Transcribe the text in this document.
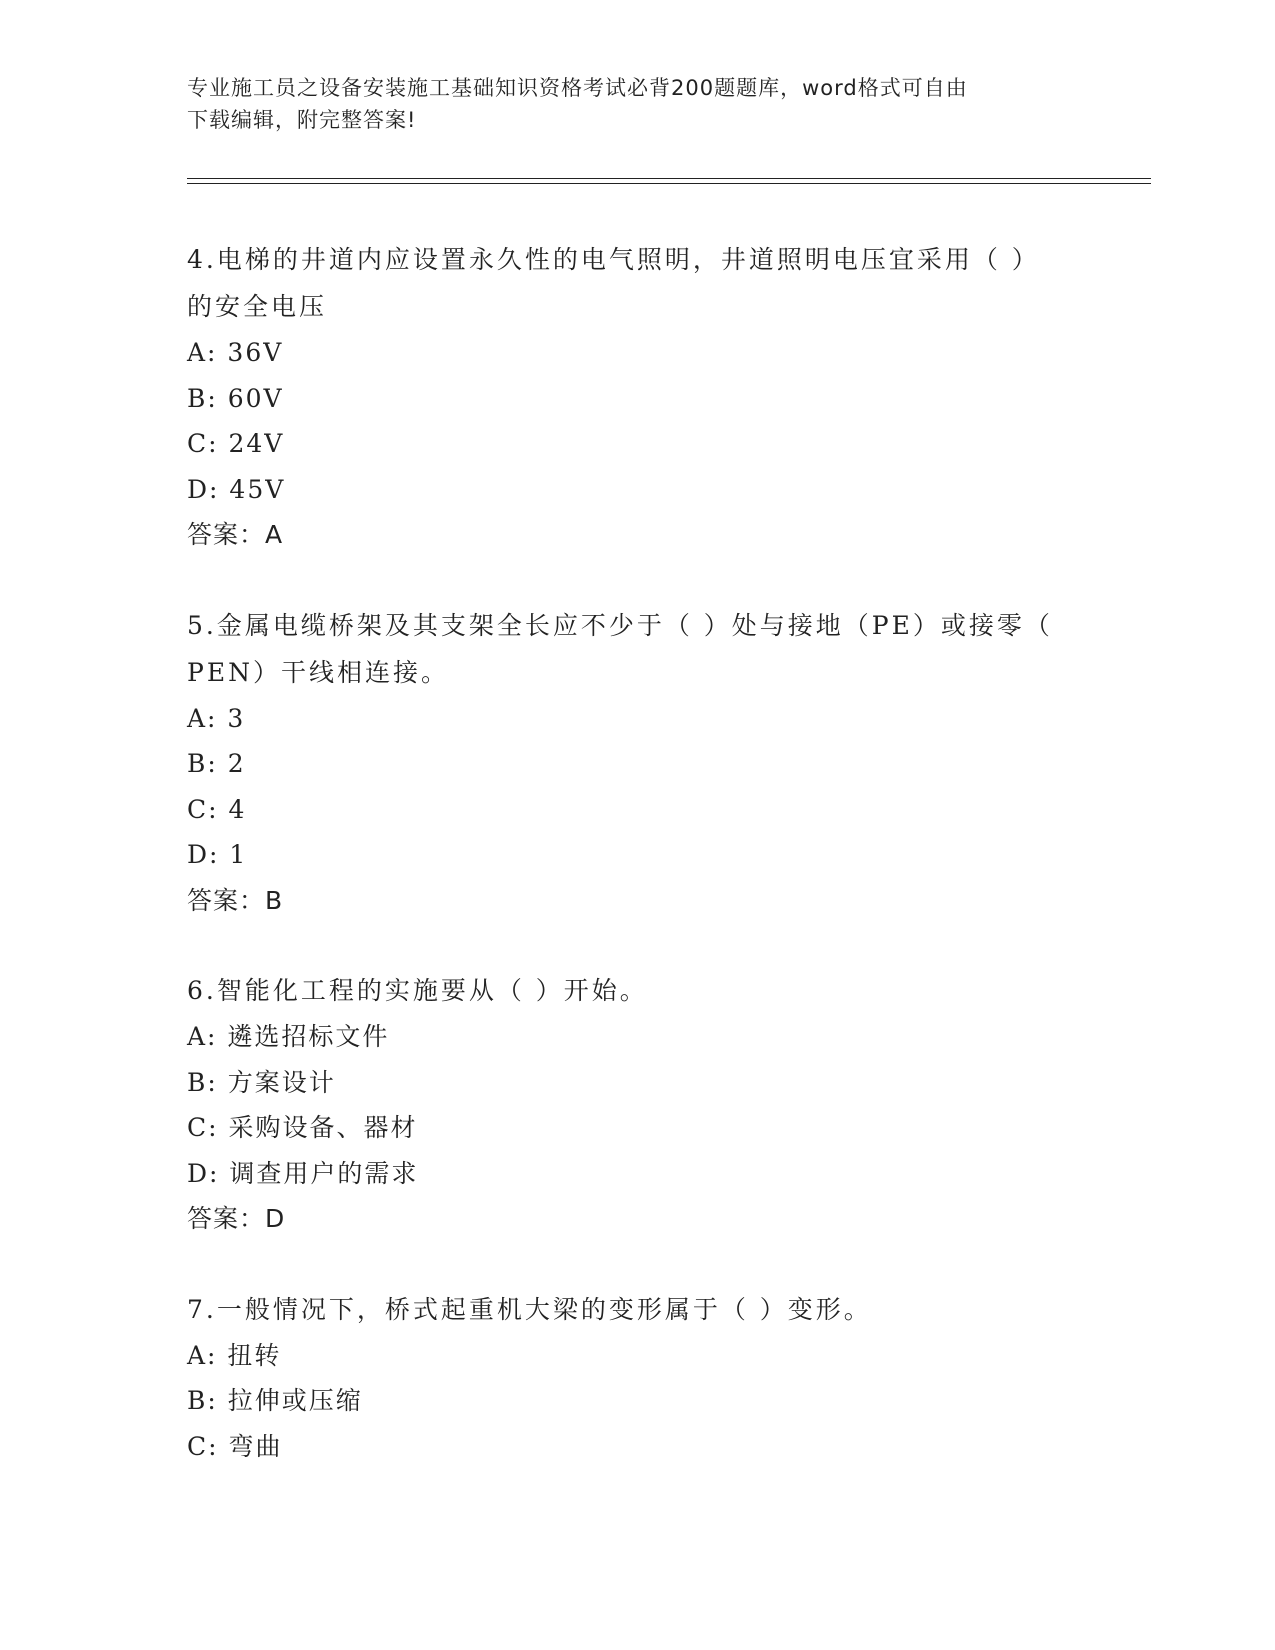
专业施工员之设备安装施工基础知识资格考试必背200题题库，word格式可自由
下载编辑，附完整答案!

4.电梯的井道内应设置永久性的电气照明，井道照明电压宜采用（ ）

的安全电压

A: 36V

B: 60V

C: 24V

D: 45V

答案：A

5.金属电缆桥架及其支架全长应不少于（ ）处与接地（PE）或接零（

PEN）干线相连接。

A: 3

B: 2

C: 4

D: 1

答案：B

6.智能化工程的实施要从（ ）开始。

A: 遴选招标文件

B: 方案设计

C: 采购设备、器材

D: 调查用户的需求

答案：D

7.一般情况下，桥式起重机大梁的变形属于（ ）变形。

A: 扭转

B: 拉伸或压缩

C: 弯曲
